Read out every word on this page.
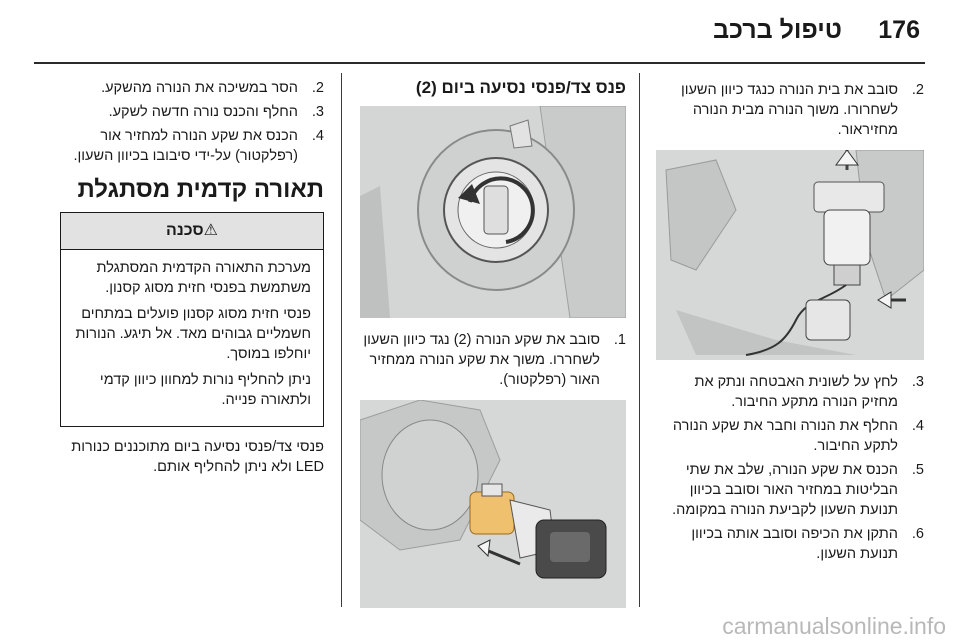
176
טיפול ברכב
2.
סובב את בית הנורה כנגד כיוון השעון לשחרורו. משוך הנורה מבית הנורה מחזיראור.
3.
לחץ על לשונית האבטחה ונתק את מחזיק הנורה מתקע החיבור.
4.
החלף את הנורה וחבר את שקע הנורה לתקע החיבור.
5.
הכנס את שקע הנורה, שלב את שתי הבליטות במחזיר האור וסובב בכיוון תנועת השעון לקביעת הנורה במקומה.
6.
התקן את הכיפה וסובב אותה בכיוון תנועת השעון.
פנס צד/פנסי נסיעה ביום (2)
1.
סובב את שקע הנורה (2) נגד כיוון השעון לשחררו. משוך את שקע הנורה ממחזיר האור (רפלקטור).
2.
הסר במשיכה את הנורה מהשקע.
3.
החלף והכנס נורה חדשה לשקע.
4.
הכנס את שקע הנורה למחזיר אור (רפלקטור) על-ידי סיבובו בכיוון השעון.
תאורה קדמית מסתגלת
⚠סכנה

מערכת התאורה הקדמית המסתגלת משתמשת בפנסי חזית מסוג קסנון.

פנסי חזית מסוג קסנון פועלים במתחים חשמליים גבוהים מאד. אל תיגע. הנורות יוחלפו במוסך.

ניתן להחליף נורות למחוון כיוון קדמי ולתאורה פנייה.

פנסי צד/פנסי נסיעה ביום מתוכננים כנורות LED ולא ניתן להחליף אותם.
carmanualsonline.info
